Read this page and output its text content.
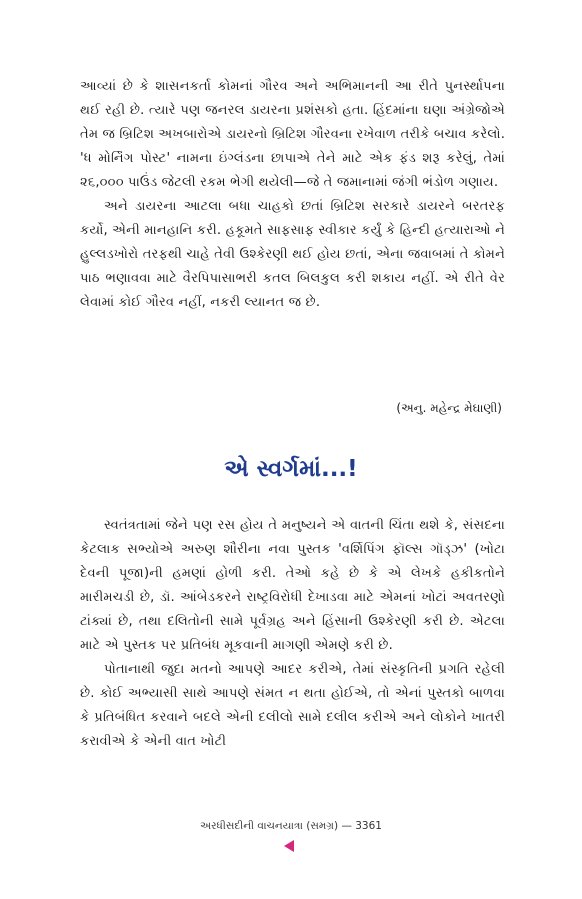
આવ્યાં છે કે શાસનકર્તા કોમનાં ગૌરવ અને અભિમાનની આ રીતે પુનર્સ્થાપના થઈ રહી છે. ત્યારે પણ જનરલ ડાયરના પ્રશંસકો હતા. હિંદમાંના ઘણા અંગ્રેજોએ તેમ જ બ્રિટિશ અખબારોએ ડાયરનો બ્રિટિશ ગૌરવના રખેવાળ તરીકે બચાવ કરેલો. 'ધ મોર્નિંગ પોસ્ટ' નામના ઇંગ્લંડના છાપાએ તેને માટે એક ફંડ શરૂ કરેલું, તેમાં ૨૬,૦૦૦ પાઉંડ જેટલી રકમ ભેગી થયેલી—જે તે જમાનામાં જંગી ભંડોળ ગણાય.

અને ડાયરના આટલા બધા ચાહકો છતાં બ્રિટિશ સરકારે ડાયરને બરતરફ કર્યો, એની માનહાનિ કરી. હકૂમતે સાફસાફ સ્વીકાર કર્યું કે હિન્દી હત્યારાઓ ને હુલ્લડખોરો તરફથી ચાહે તેવી ઉશ્કેરણી થઈ હોય છતાં, એના જવાબમાં તે કોમને પાઠ ભણાવવા માટે વૈરપિપાસાભરી કતલ બિલકુલ કરી શકાય નહીં. એ રીતે વેર લેવામાં કોઈ ગૌરવ નહીં, નકરી લ્યાનત જ છે.

(અનુ. મહેન્દ્ર મેઘાણી)
એ સ્વર્ગમાં...!

સ્વતંત્રતામાં જેને પણ રસ હોય તે મનુષ્યને એ વાતની ચિંતા થશે કે, સંસદના કેટલાક સભ્યોએ અરુણ શૌરીના નવા પુસ્તક 'વર્શિપિંગ ફૉલ્સ ગૉડ્ઝ' (ખોટા દેવની પૂજા)ની હમણાં હોળી કરી. તેઓ કહે છે કે એ લેખકે હકીકતોને મારીમચડી છે, ડૉ. આંબેડકરને રાષ્ટ્રવિરોધી દેખાડવા માટે એમનાં ખોટાં અવતરણો ટાંક્યાં છે, તથા દલિતોની સામે પૂર્વગ્રહ અને હિંસાની ઉશ્કેરણી કરી છે. એટલા માટે એ પુસ્તક પર પ્રતિબંધ મૂકવાની માગણી એમણે કરી છે.

પોતાનાથી જુદા મતનો આપણે આદર કરીએ, તેમાં સંસ્કૃતિની પ્રગતિ રહેલી છે. કોઈ અભ્યાસી સાથે આપણે સંમત ન થતા હોઈએ, તો એનાં પુસ્તકો બાળવા કે પ્રતિબંધિત કરવાને બદલે એની દલીલો સામે દલીલ કરીએ અને લોકોને ખાતરી કરાવીએ કે એની વાત ખોટી

અરધીસદીની વાચનયાત્રા (સમગ્ર) — 3361
